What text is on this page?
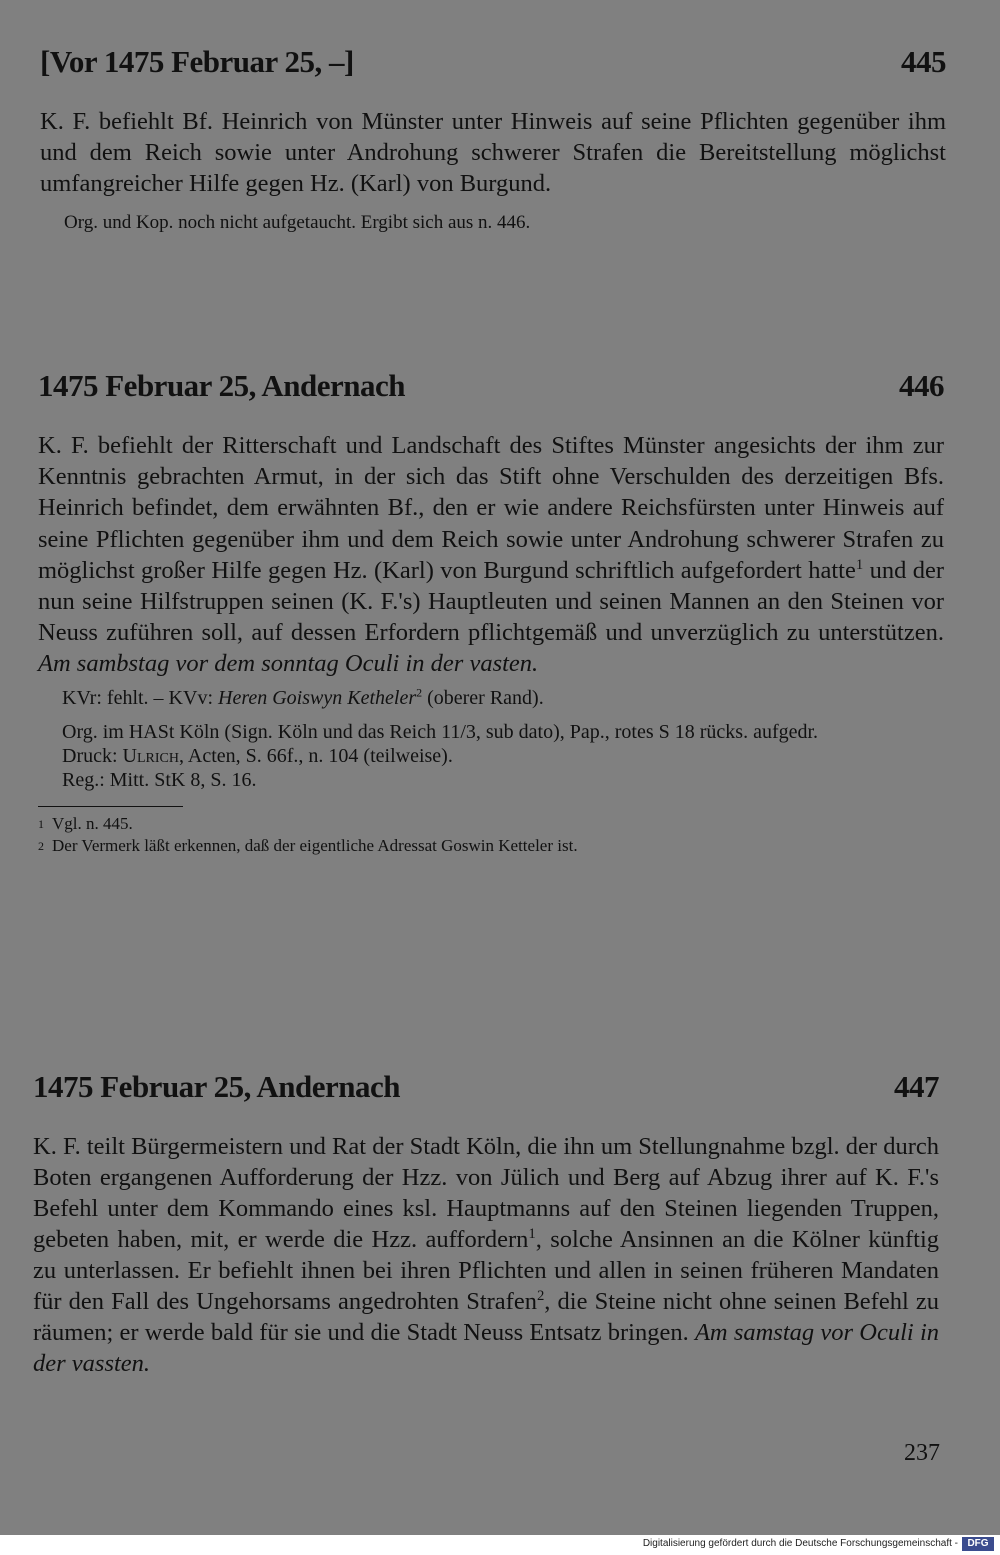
[Vor 1475 Februar 25, –]	445
K. F. befiehlt Bf. Heinrich von Münster unter Hinweis auf seine Pflichten gegenüber ihm und dem Reich sowie unter Androhung schwerer Strafen die Bereitstellung möglichst umfangreicher Hilfe gegen Hz. (Karl) von Burgund.
Org. und Kop. noch nicht aufgetaucht. Ergibt sich aus n. 446.
1475 Februar 25, Andernach	446
K. F. befiehlt der Ritterschaft und Landschaft des Stiftes Münster angesichts der ihm zur Kenntnis gebrachten Armut, in der sich das Stift ohne Verschulden des derzeitigen Bfs. Heinrich befindet, dem erwähnten Bf., den er wie andere Reichsfürsten unter Hinweis auf seine Pflichten gegenüber ihm und dem Reich sowie unter Androhung schwerer Strafen zu möglichst großer Hilfe gegen Hz. (Karl) von Burgund schriftlich aufgefordert hatte$^1$ und der nun seine Hilfstruppen seinen (K. F.'s) Hauptleuten und seinen Mannen an den Steinen vor Neuss zuführen soll, auf dessen Erfordern pflichtgemäß und unverzüglich zu unterstützen. Am sambstag vor dem sonntag Oculi in der vasten.
KVr: fehlt. – KVv: Heren Goiswyn Ketheler$^2$ (oberer Rand).
Org. im HASt Köln (Sign. Köln und das Reich 11/3, sub dato), Pap., rotes S 18 rücks. aufgedr.
Druck: Ulrich, Acten, S. 66f., n. 104 (teilweise).
Reg.: Mitt. StK 8, S. 16.
1 Vgl. n. 445.
2 Der Vermerk läßt erkennen, daß der eigentliche Adressat Goswin Ketteler ist.
1475 Februar 25, Andernach	447
K. F. teilt Bürgermeistern und Rat der Stadt Köln, die ihn um Stellungnahme bzgl. der durch Boten ergangenen Aufforderung der Hzz. von Jülich und Berg auf Abzug ihrer auf K. F.'s Befehl unter dem Kommando eines ksl. Hauptmanns auf den Steinen liegenden Truppen, gebeten haben, mit, er werde die Hzz. auffordern$^1$, solche Ansinnen an die Kölner künftig zu unterlassen. Er befiehlt ihnen bei ihren Pflichten und allen in seinen früheren Mandaten für den Fall des Ungehorsams angedrohten Strafen$^2$, die Steine nicht ohne seinen Befehl zu räumen; er werde bald für sie und die Stadt Neuss Entsatz bringen. Am samstag vor Oculi in der vassten.
237
Digitalisierung gefördert durch die Deutsche Forschungsgemeinschaft - DFG
